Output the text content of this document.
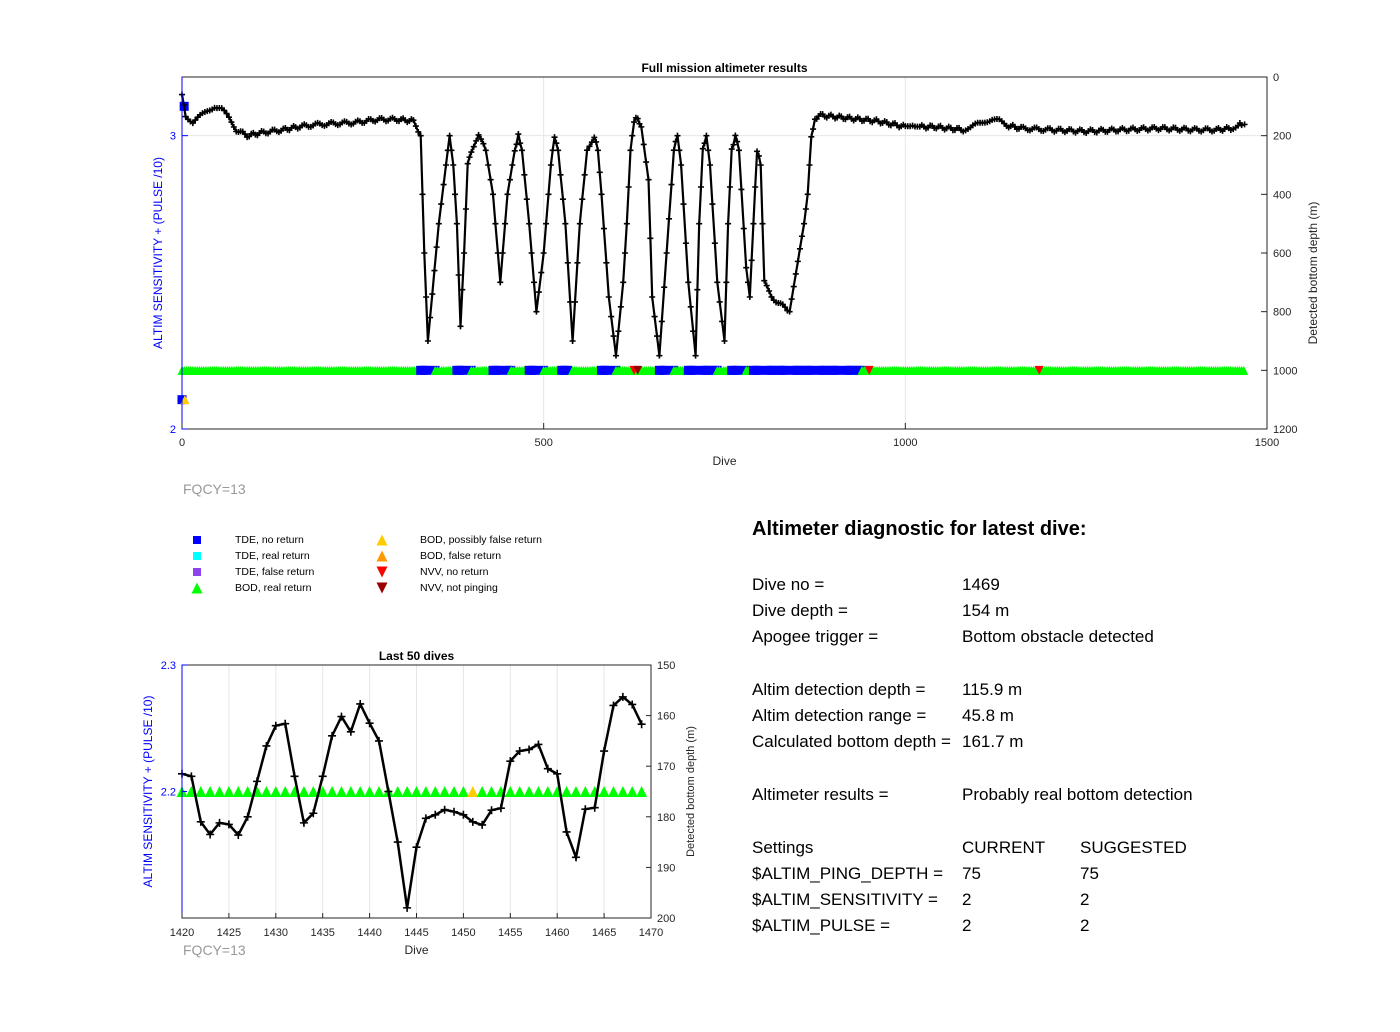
0	500	1000	1500
2
3
0
200
400
600
800
1000
1200
Full mission altimeter results
Dive
ALTIM SENSITIVITY + (PULSE /10)	Detected bottom depth (m)
1420 1425 1430 1435 1440 1445 1450 1455 1460 1465 1470
2.2
2.3	150
160
170
180
190
200
Last 50 dives
Dive
ALTIM SENSITIVITY + (PULSE /10)	Detected bottom depth (m)
FQCY=13
FQCY=13
TDE, no return
TDE, real return
TDE, false return
BOD, real return
BOD, possibly false return
BOD, false return
NVV, no return
NVV, not pinging
Altimeter diagnostic for latest dive:
Dive no =	1469
Dive depth =	154 m
Apogee trigger =	Bottom obstacle detected
Altim detection depth = 115.9 m
Altim detection range = 45.8 m
Calculated bottom depth = 161.7 m
Altimeter results =	Probably real bottom detection
Settings	CURRENT SUGGESTED
$ALTIM_PING_DEPTH = 75	75
$ALTIM_SENSITIVITY = 2	2
$ALTIM_PULSE =	2	2
